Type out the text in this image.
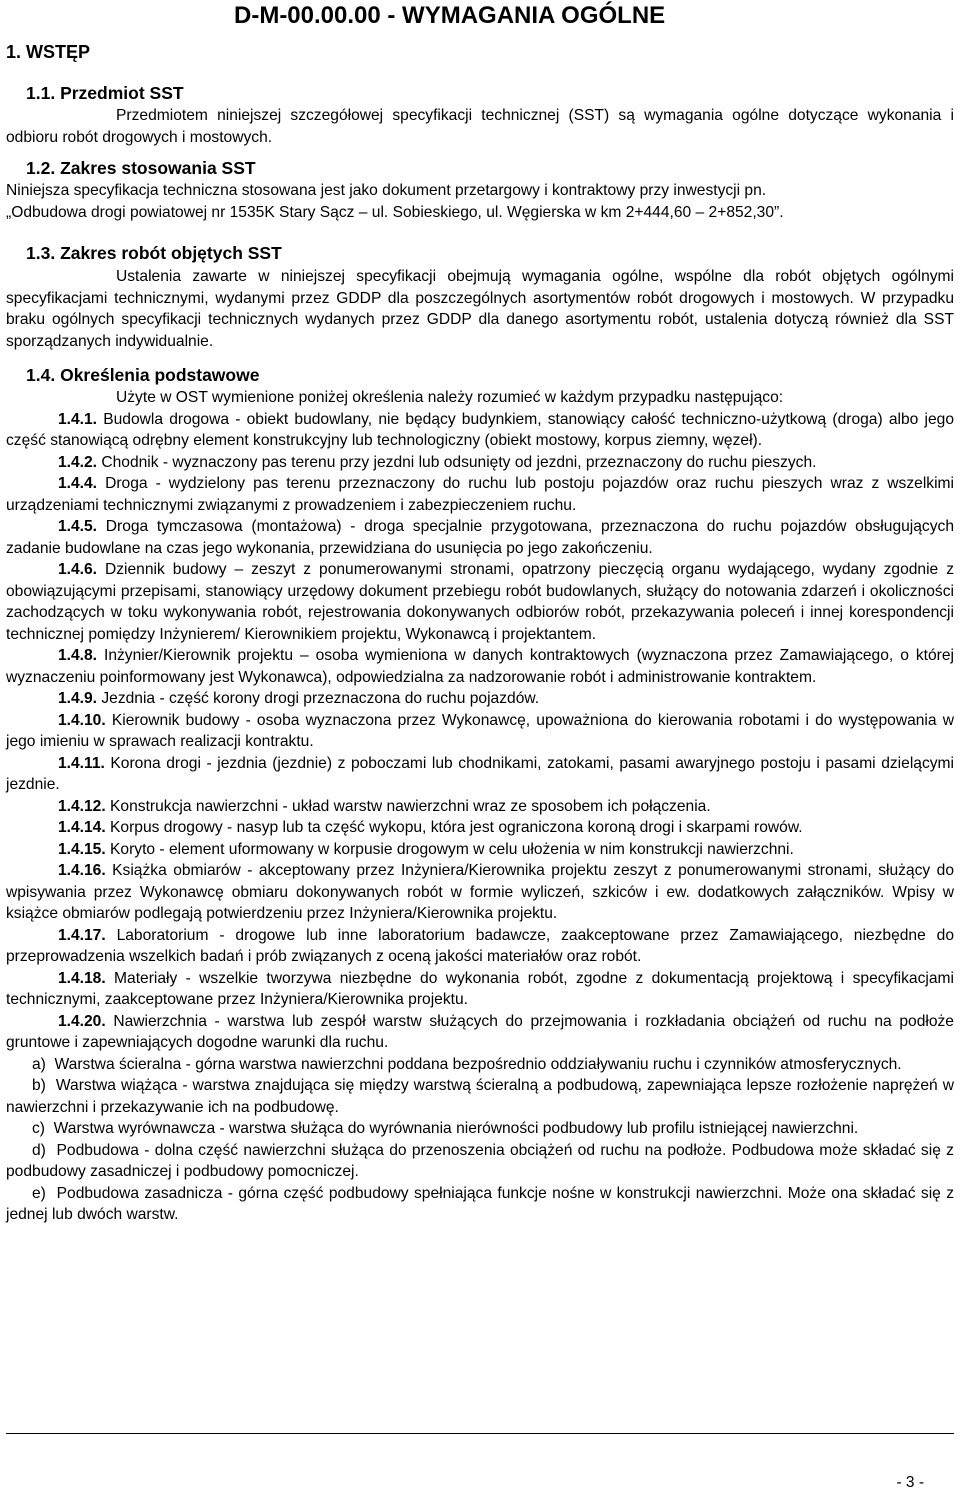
D-M-00.00.00 - WYMAGANIA OGÓLNE
1. WSTĘP
1.1. Przedmiot SST

Przedmiotem niniejszej szczegółowej specyfikacji technicznej (SST) są wymagania ogólne dotyczące wykonania i odbioru robót drogowych i mostowych.

1.2. Zakres stosowania SST

Niniejsza specyfikacja techniczna stosowana jest jako dokument przetargowy i kontraktowy przy inwestycji pn.

„Odbudowa drogi powiatowej nr 1535K Stary Sącz – ul. Sobieskiego, ul. Węgierska w km 2+444,60 – 2+852,30”.

1.3. Zakres robót objętych SST

Ustalenia zawarte w niniejszej specyfikacji obejmują wymagania ogólne, wspólne dla robót objętych ogólnymi specyfikacjami technicznymi, wydanymi przez GDDP dla poszczególnych asortymentów robót drogowych i mostowych. W przypadku braku ogólnych specyfikacji technicznych wydanych przez GDDP dla danego asortymentu robót, ustalenia dotyczą również dla SST sporządzanych indywidualnie.

1.4. Określenia podstawowe

Użyte w OST wymienione poniżej określenia należy rozumieć w każdym przypadku następująco:

1.4.1. Budowla drogowa - obiekt budowlany, nie będący budynkiem, stanowiący całość techniczno-użytkową (droga) albo jego część stanowiącą odrębny element konstrukcyjny lub technologiczny (obiekt mostowy, korpus ziemny, węzeł).

1.4.2. Chodnik - wyznaczony pas terenu przy jezdni lub odsunięty od jezdni, przeznaczony do ruchu pieszych.

1.4.4. Droga - wydzielony pas terenu przeznaczony do ruchu lub postoju pojazdów oraz ruchu pieszych wraz z wszelkimi urządzeniami technicznymi związanymi z prowadzeniem i zabezpieczeniem ruchu.

1.4.5. Droga tymczasowa (montażowa) - droga specjalnie przygotowana, przeznaczona do ruchu pojazdów obsługujących zadanie budowlane na czas jego wykonania, przewidziana do usunięcia po jego zakończeniu.

1.4.6. Dziennik budowy – zeszyt z ponumerowanymi stronami, opatrzony pieczęcią organu wydającego, wydany zgodnie z obowiązującymi przepisami, stanowiący urzędowy dokument przebiegu robót budowlanych, służący do notowania zdarzeń i okoliczności zachodzących w toku wykonywania robót, rejestrowania dokonywanych odbiorów robót, przekazywania poleceń i innej korespondencji technicznej pomiędzy Inżynierem/ Kierownikiem projektu, Wykonawcą i projektantem.

1.4.8. Inżynier/Kierownik projektu – osoba wymieniona w danych kontraktowych (wyznaczona przez Zamawiającego, o której wyznaczeniu poinformowany jest Wykonawca), odpowiedzialna za nadzorowanie robót i administrowanie kontraktem.

1.4.9. Jezdnia - część korony drogi przeznaczona do ruchu pojazdów.

1.4.10. Kierownik budowy - osoba wyznaczona przez Wykonawcę, upoważniona do kierowania robotami i do występowania w jego imieniu w sprawach realizacji kontraktu.

1.4.11. Korona drogi - jezdnia (jezdnie) z poboczami lub chodnikami, zatokami, pasami awaryjnego postoju i pasami dzielącymi jezdnie.

1.4.12. Konstrukcja nawierzchni - układ warstw nawierzchni wraz ze sposobem ich połączenia.

1.4.14. Korpus drogowy - nasyp lub ta część wykopu, która jest ograniczona koroną drogi i skarpami rowów.

1.4.15. Koryto - element uformowany w korpusie drogowym w celu ułożenia w nim konstrukcji nawierzchni.

1.4.16. Książka obmiarów - akceptowany przez Inżyniera/Kierownika projektu zeszyt z ponumerowanymi stronami, służący do wpisywania przez Wykonawcę obmiaru dokonywanych robót w formie wyliczeń, szkiców i ew. dodatkowych załączników. Wpisy w książce obmiarów podlegają potwierdzeniu przez Inżyniera/Kierownika projektu.

1.4.17. Laboratorium - drogowe lub inne laboratorium badawcze, zaakceptowane przez Zamawiającego, niezbędne do przeprowadzenia wszelkich badań i prób związanych z oceną jakości materiałów oraz robót.

1.4.18. Materiały - wszelkie tworzywa niezbędne do wykonania robót, zgodne z dokumentacją projektową i specyfikacjami technicznymi, zaakceptowane przez Inżyniera/Kierownika projektu.

1.4.20. Nawierzchnia - warstwa lub zespół warstw służących do przejmowania i rozkładania obciążeń od ruchu na podłoże gruntowe i zapewniających dogodne warunki dla ruchu.

a) Warstwa ścieralna - górna warstwa nawierzchni poddana bezpośrednio oddziaływaniu ruchu i czynników atmosferycznych.

b) Warstwa wiążąca - warstwa znajdująca się między warstwą ścieralną a podbudową, zapewniająca lepsze rozłożenie naprężeń w nawierzchni i przekazywanie ich na podbudowę.

c) Warstwa wyrównawcza - warstwa służąca do wyrównania nierówności podbudowy lub profilu istniejącej nawierzchni.

d) Podbudowa - dolna część nawierzchni służąca do przenoszenia obciążeń od ruchu na podłoże. Podbudowa może składać się z podbudowy zasadniczej i podbudowy pomocniczej.

e) Podbudowa zasadnicza - górna część podbudowy spełniająca funkcje nośne w konstrukcji nawierzchni. Może ona składać się z jednej lub dwóch warstw.

- 3 -
